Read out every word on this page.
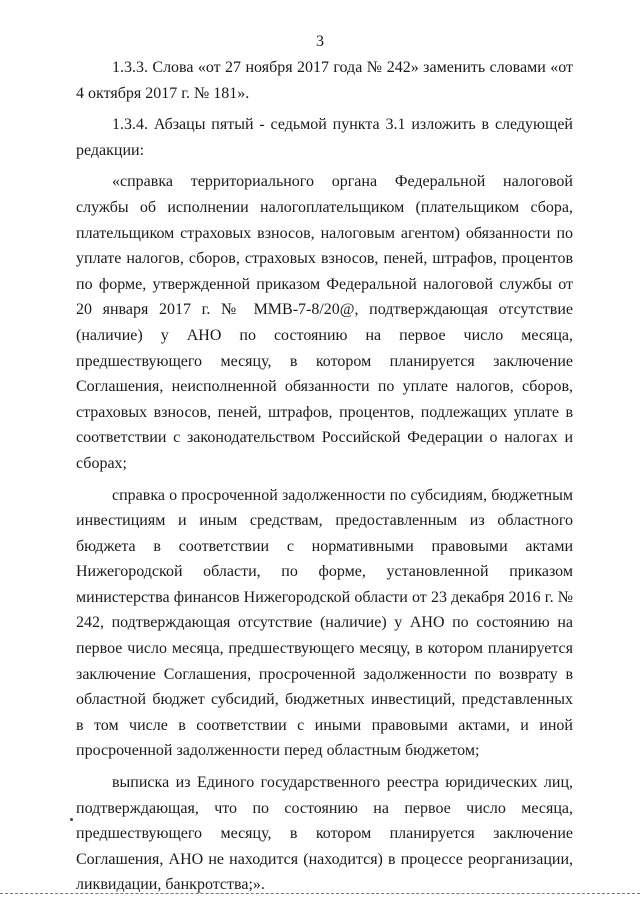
3

1.3.3. Слова «от 27 ноября 2017 года № 242» заменить словами «от 4 октября 2017 г. № 181».

1.3.4. Абзацы пятый - седьмой пункта 3.1 изложить в следующей редакции:

«справка территориального органа Федеральной налоговой службы об исполнении налогоплательщиком (плательщиком сбора, плательщиком страховых взносов, налоговым агентом) обязанности по уплате налогов, сборов, страховых взносов, пеней, штрафов, процентов по форме, утвержденной приказом Федеральной налоговой службы от 20 января 2017 г. № ММВ-7-8/20@, подтверждающая отсутствие (наличие) у АНО по состоянию на первое число месяца, предшествующего месяцу, в котором планируется заключение Соглашения, неисполненной обязанности по уплате налогов, сборов, страховых взносов, пеней, штрафов, процентов, подлежащих уплате в соответствии с законодательством Российской Федерации о налогах и сборах;

справка о просроченной задолженности по субсидиям, бюджетным инвестициям и иным средствам, предоставленным из областного бюджета в соответствии с нормативными правовыми актами Нижегородской области, по форме, установленной приказом министерства финансов Нижегородской области от 23 декабря 2016 г. № 242, подтверждающая отсутствие (наличие) у АНО по состоянию на первое число месяца, предшествующего месяцу, в котором планируется заключение Соглашения, просроченной задолженности по возврату в областной бюджет субсидий, бюджетных инвестиций, представленных в том числе в соответствии с иными правовыми актами, и иной просроченной задолженности перед областным бюджетом;

выписка из Единого государственного реестра юридических лиц, подтверждающая, что по состоянию на первое число месяца, предшествующего месяцу, в котором планируется заключение Соглашения, АНО не находится (находится) в процессе реорганизации, ликвидации, банкротства;».
